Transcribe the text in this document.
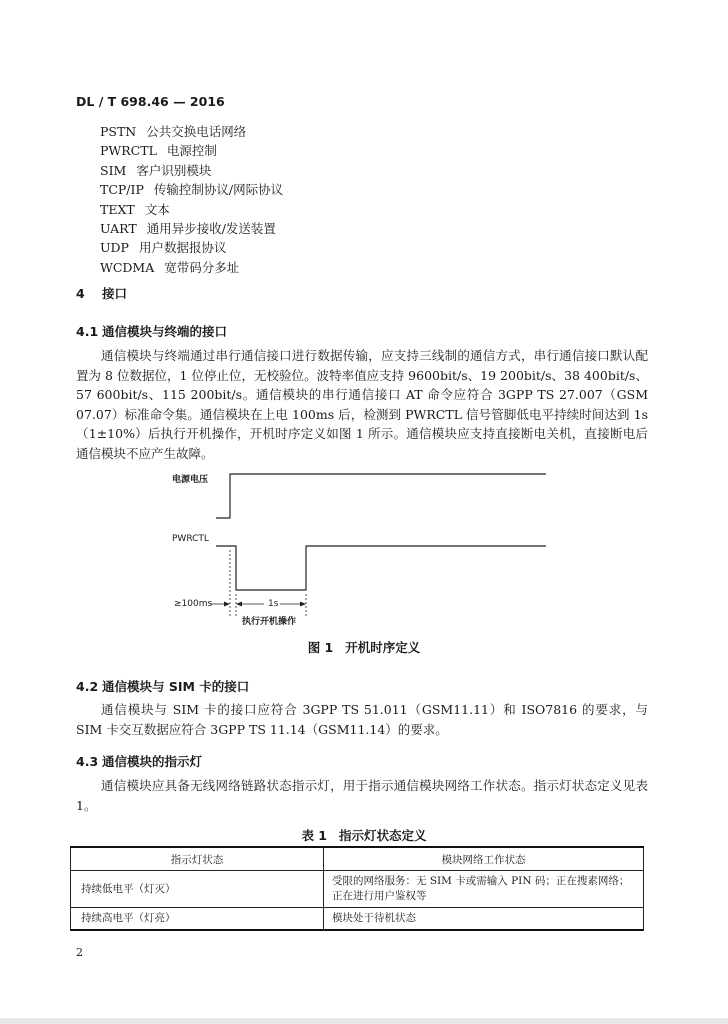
DL / T 698.46 — 2016
PSTN 公共交换电话网络
PWRCTL 电源控制
SIM 客户识别模块
TCP/IP 传输控制协议/网际协议
TEXT 文本
UART 通用异步接收/发送装置
UDP 用户数据报协议
WCDMA 宽带码分多址
4 接口
4.1 通信模块与终端的接口
通信模块与终端通过串行通信接口进行数据传输，应支持三线制的通信方式，串行通信接口默认配置为 8 位数据位，1 位停止位，无校验位。波特率值应支持 9600bit/s、19 200bit/s、38 400bit/s、57 600bit/s、115 200bit/s。通信模块的串行通信接口 AT 命令应符合 3GPP TS 27.007（GSM 07.07）标准命令集。通信模块在上电 100ms 后，检测到 PWRCTL 信号管脚低电平持续时间达到 1s（1±10%）后执行开机操作，开机时序定义如图 1 所示。通信模块应支持直接断电关机，直接断电后通信模块不应产生故障。
电源电压
PWRCTL
≥100ms	1s
执行开机操作
图 1 开机时序定义
4.2 通信模块与 SIM 卡的接口
通信模块与 SIM 卡的接口应符合 3GPP TS 51.011（GSM11.11）和 ISO7816 的要求，与 SIM 卡交互数据应符合 3GPP TS 11.14（GSM11.14）的要求。
4.3 通信模块的指示灯
通信模块应具备无线网络链路状态指示灯，用于指示通信模块网络工作状态。指示灯状态定义见表 1。
表 1 指示灯状态定义
指示灯状态	模块网络工作状态
持续低电平（灯灭）	受限的网络服务：无 SIM 卡或需输入 PIN 码；正在搜素网络；正在进行用户鉴权等
持续高电平（灯亮）	模块处于待机状态
2
